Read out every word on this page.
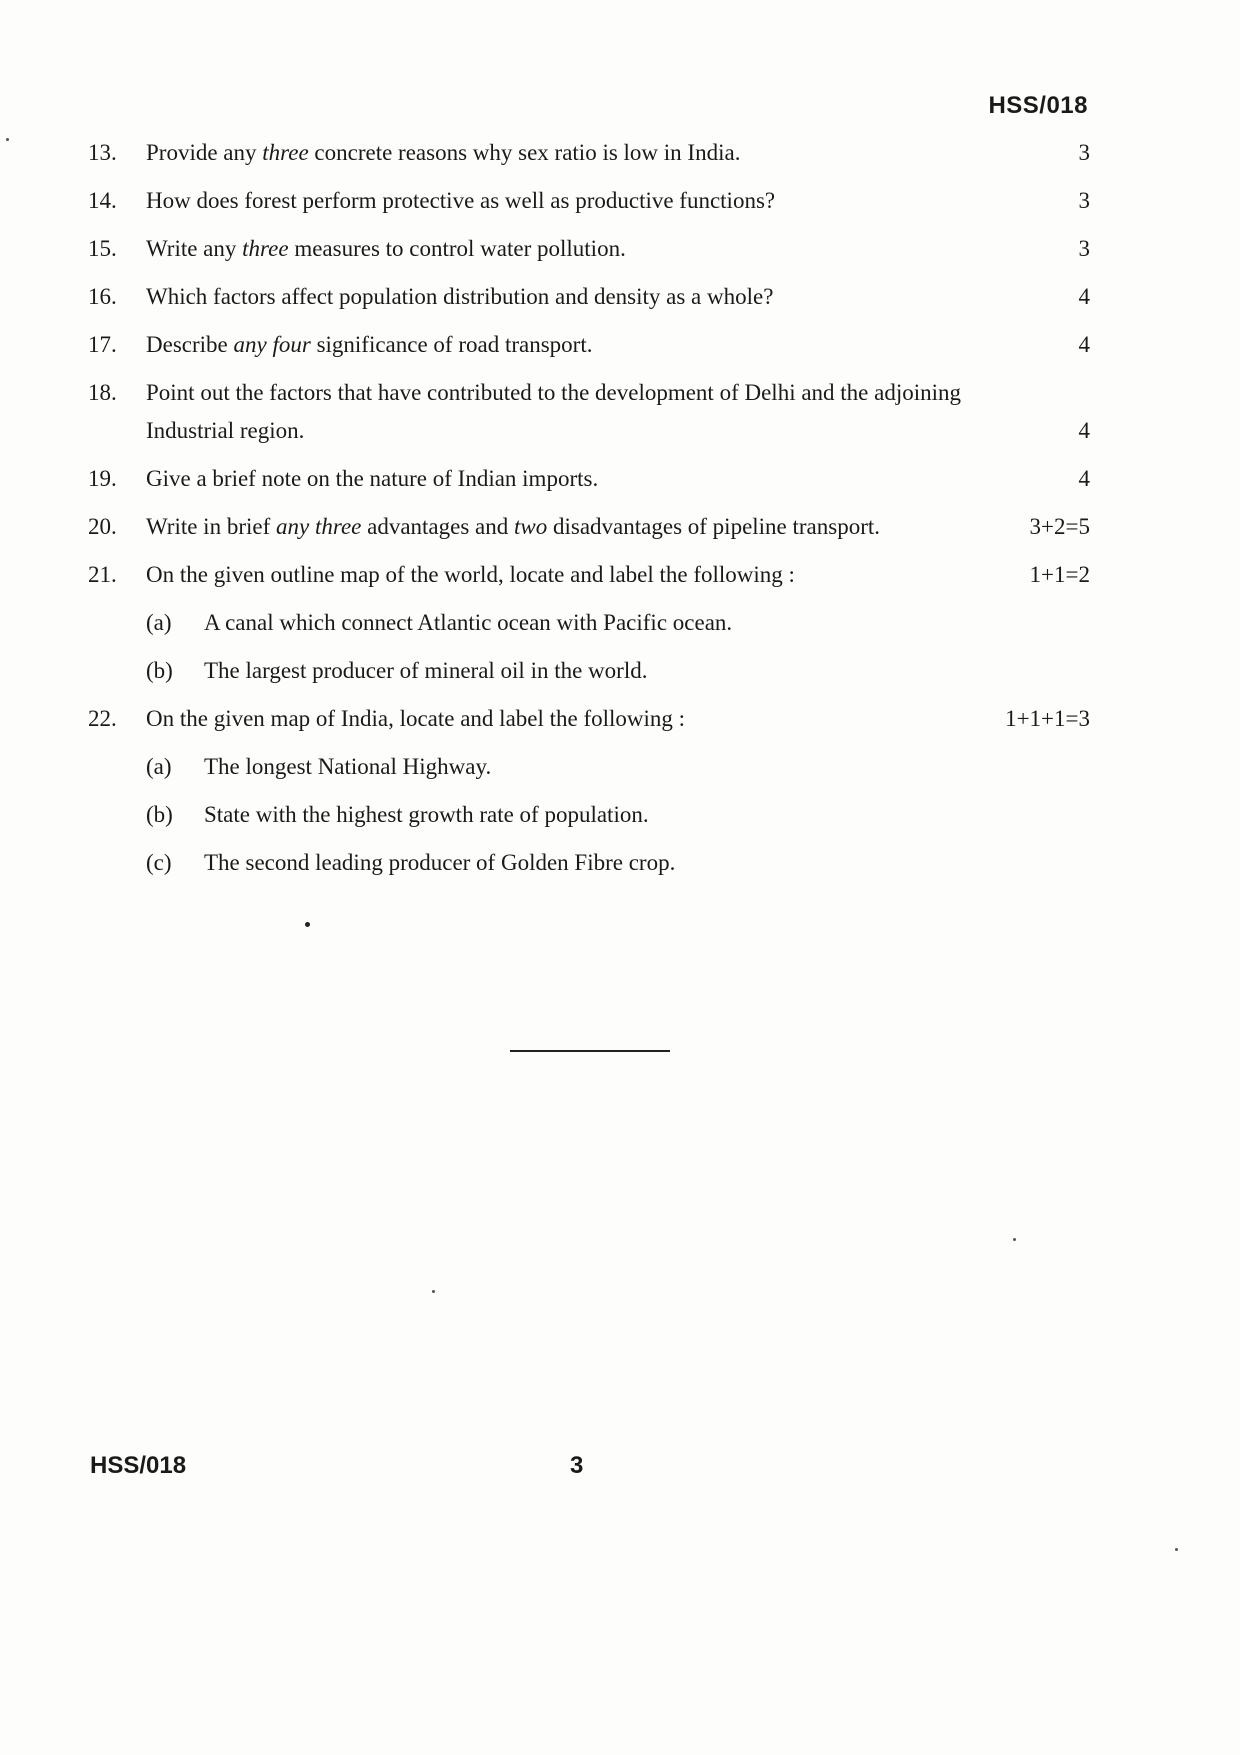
HSS/018
13.	Provide any three concrete reasons why sex ratio is low in India.	3
14.	How does forest perform protective as well as productive functions?	3
15.	Write any three measures to control water pollution.	3
16.	Which factors affect population distribution and density as a whole?	4
17.	Describe any four significance of road transport.	4
18.	Point out the factors that have contributed to the development of Delhi and the adjoining
Industrial region.	4
19.	Give a brief note on the nature of Indian imports.	4
20.	Write in brief any three advantages and two disadvantages of pipeline transport.	3+2=5
21.	On the given outline map of the world, locate and label the following :	1+1=2
(a)	A canal which connect Atlantic ocean with Pacific ocean.
(b)	The largest producer of mineral oil in the world.
22.	On the given map of India, locate and label the following :	1+1+1=3
(a)	The longest National Highway.
(b)	State with the highest growth rate of population.
(c)	The second leading producer of Golden Fibre crop.
HSS/018	3
